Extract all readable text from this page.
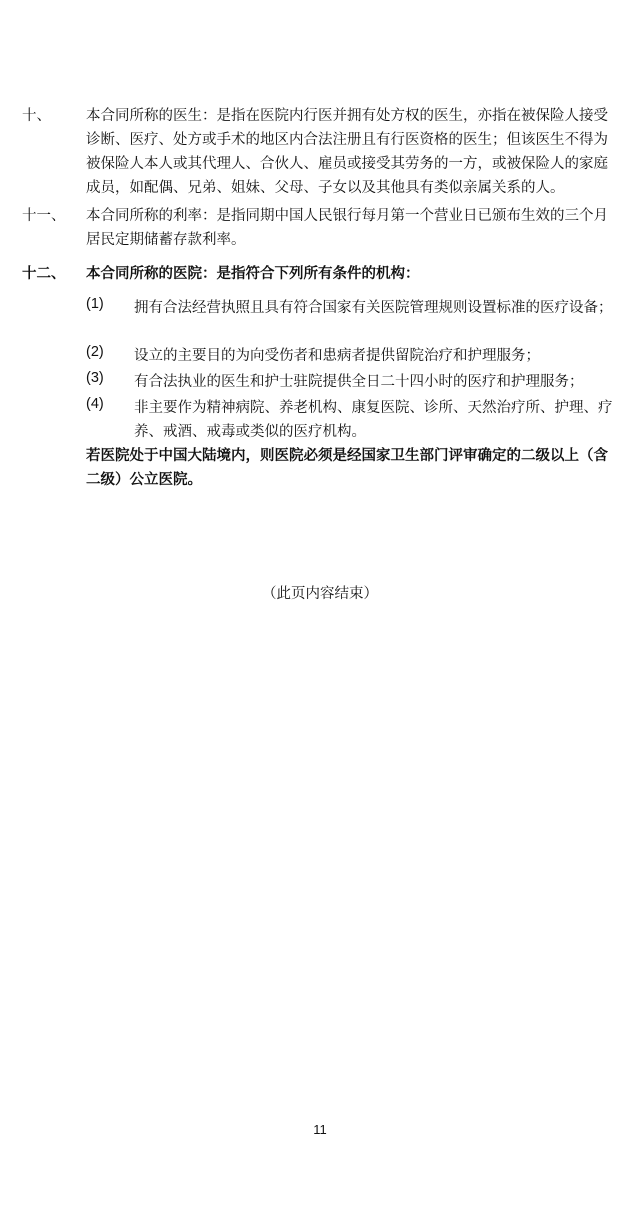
十、 本合同所称的医生：是指在医院内行医并拥有处方权的医生，亦指在被保险人接受诊断、医疗、处方或手术的地区内合法注册且有行医资格的医生；但该医生不得为被保险人本人或其代理人、合伙人、雇员或接受其劳务的一方，或被保险人的家庭成员，如配偶、兄弟、姐妹、父母、子女以及其他具有类似亲属关系的人。
十一、 本合同所称的利率：是指同期中国人民银行每月第一个营业日已颁布生效的三个月居民定期储蓄存款利率。
十二、 本合同所称的医院：是指符合下列所有条件的机构：
(1) 拥有合法经营执照且具有符合国家有关医院管理规则设置标准的医疗设备；
(2) 设立的主要目的为向受伤者和患病者提供留院治疗和护理服务；
(3) 有合法执业的医生和护士驻院提供全日二十四小时的医疗和护理服务；
(4) 非主要作为精神病院、养老机构、康复医院、诊所、天然治疗所、护理、疗养、戒酒、戒毒或类似的医疗机构。
若医院处于中国大陆境内，则医院必须是经国家卫生部门评审确定的二级以上（含二级）公立医院。
（此页内容结束）
11
